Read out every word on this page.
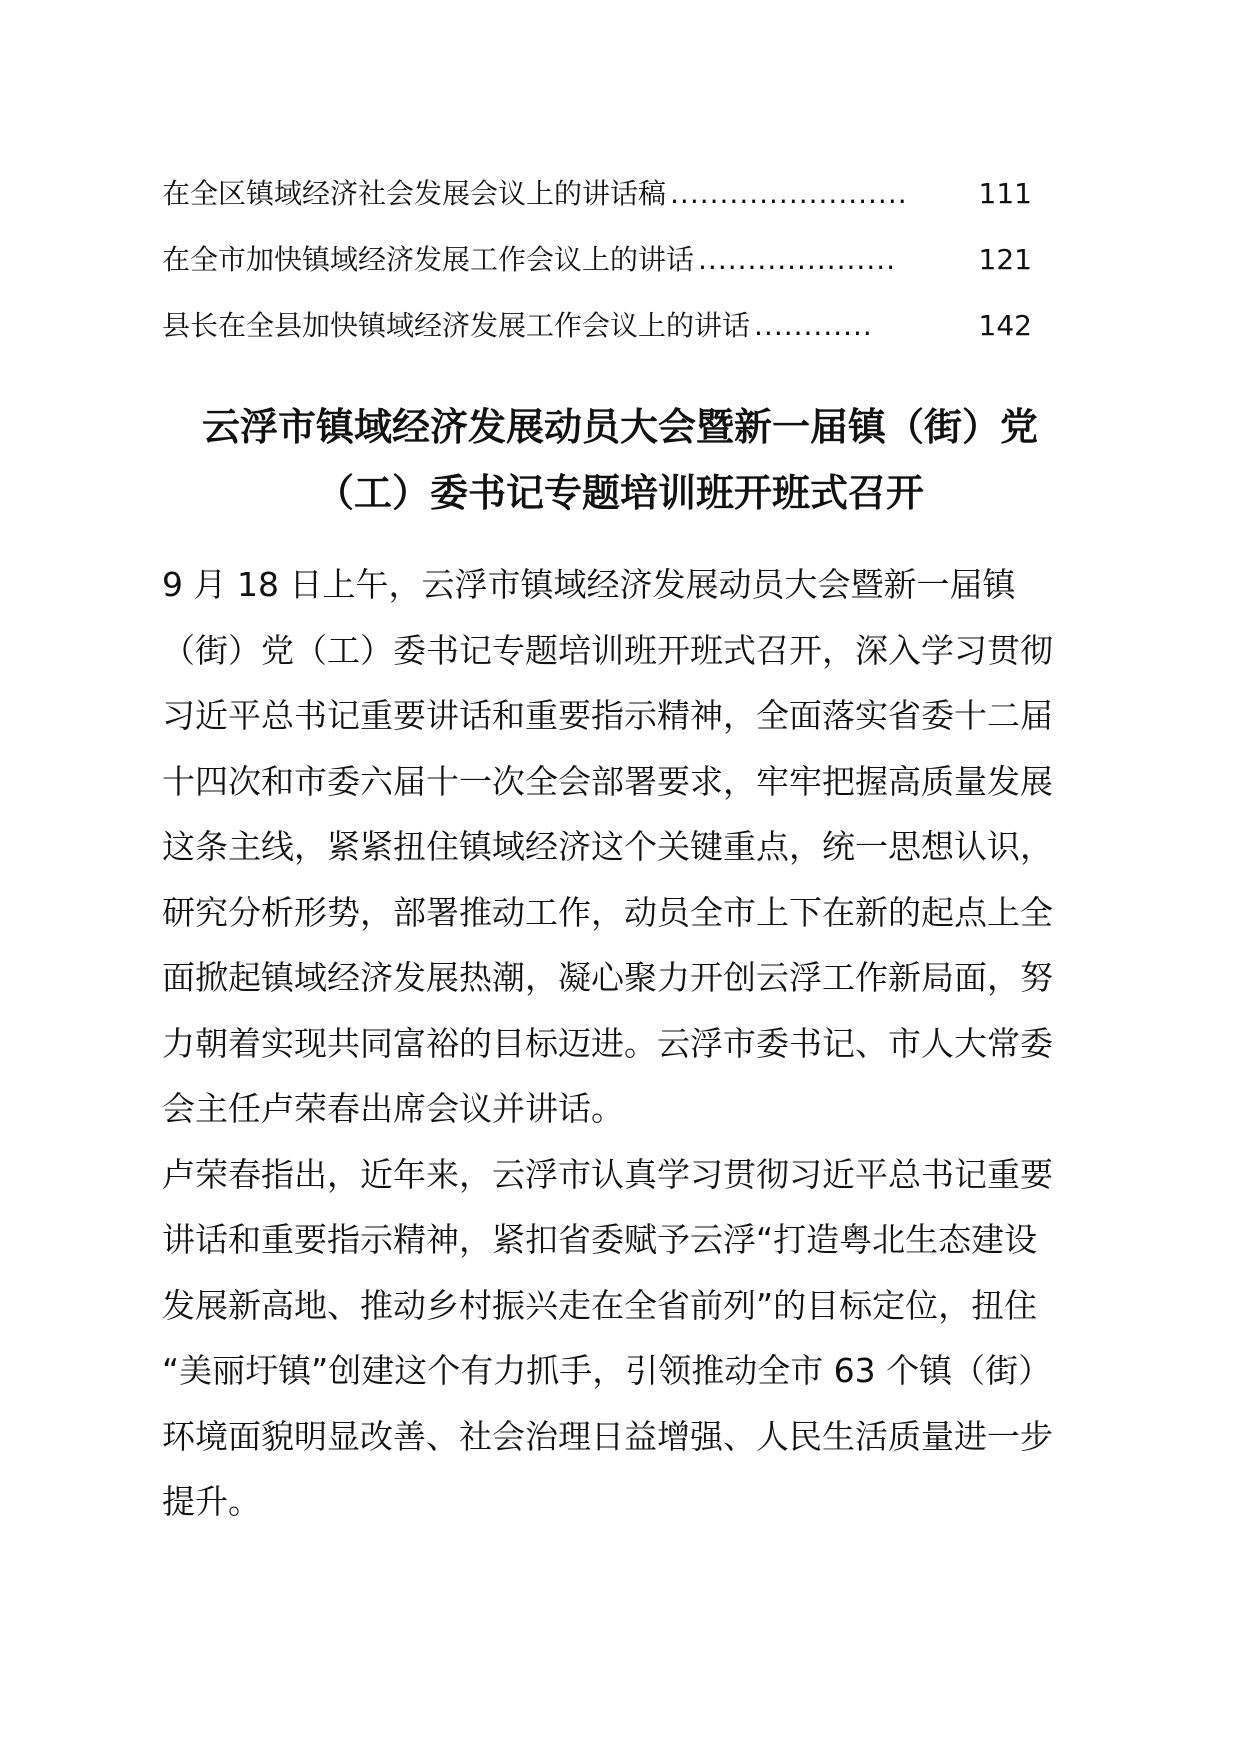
在全区镇域经济社会发展会议上的讲话稿 ........................	111
在全市加快镇域经济发展工作会议上的讲话 ....................	121
县长在全县加快镇域经济发展工作会议上的讲话 ............	142
云浮市镇域经济发展动员大会暨新一届镇（街）党
（工）委书记专题培训班开班式召开
9 月 18 日上午，云浮市镇域经济发展动员大会暨新一届镇
（街）党（工）委书记专题培训班开班式召开，深入学习贯彻
习近平总书记重要讲话和重要指示精神，全面落实省委十二届
十四次和市委六届十一次全会部署要求，牢牢把握高质量发展
这条主线，紧紧扭住镇域经济这个关键重点，统一思想认识，
研究分析形势，部署推动工作，动员全市上下在新的起点上全
面掀起镇域经济发展热潮，凝心聚力开创云浮工作新局面，努
力朝着实现共同富裕的目标迈进。云浮市委书记、市人大常委
会主任卢荣春出席会议并讲话。
卢荣春指出，近年来，云浮市认真学习贯彻习近平总书记重要
讲话和重要指示精神，紧扣省委赋予云浮“打造粤北生态建设
发展新高地、推动乡村振兴走在全省前列”的目标定位，扭住
“美丽圩镇”创建这个有力抓手，引领推动全市 63 个镇（街）
环境面貌明显改善、社会治理日益增强、人民生活质量进一步
提升。
